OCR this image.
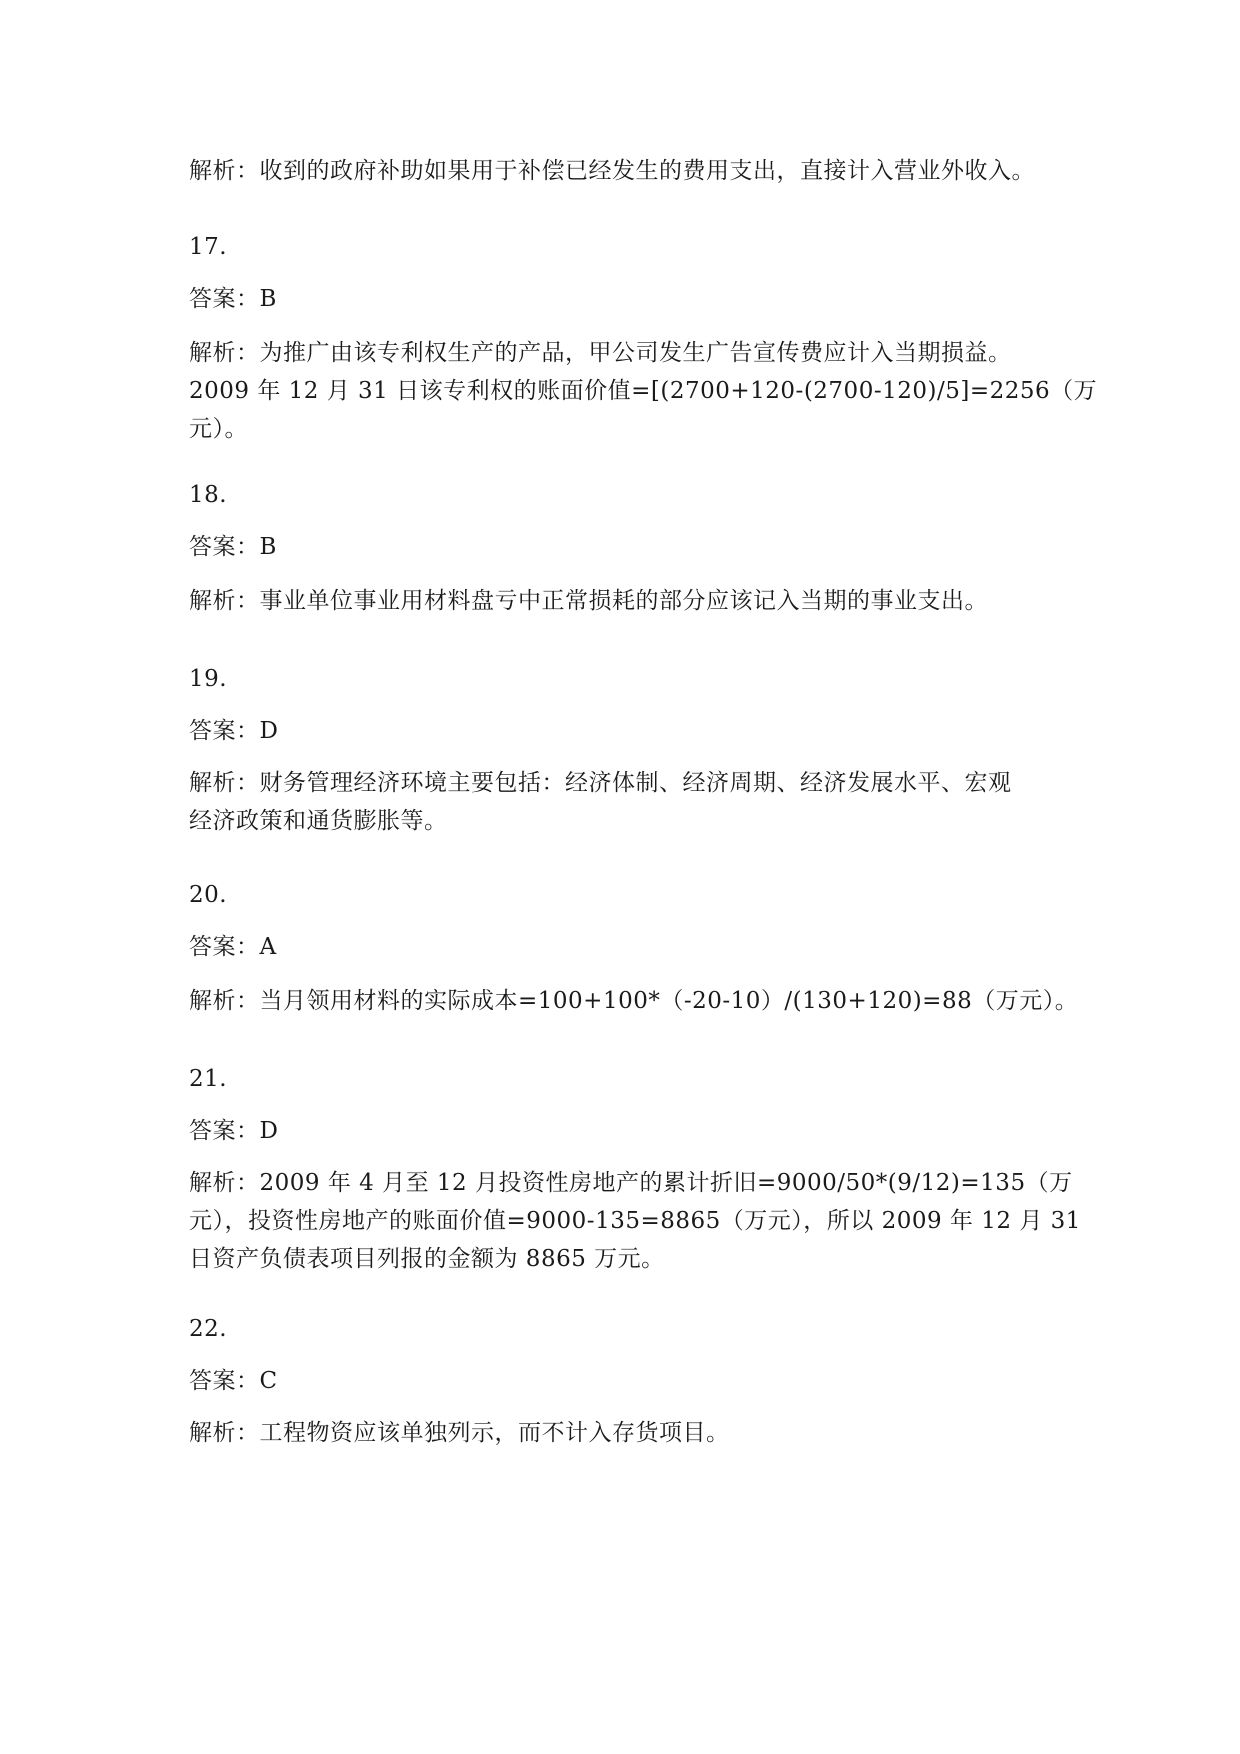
解析：收到的政府补助如果用于补偿已经发生的费用支出，直接计入营业外收入。
17.
答案：B
解析：为推广由该专利权生产的产品，甲公司发生广告宣传费应计入当期损益。
2009 年 12 月 31 日该专利权的账面价值=[(2700+120-(2700-120)/5]=2256（万
元）。
18.
答案：B
解析：事业单位事业用材料盘亏中正常损耗的部分应该记入当期的事业支出。
19.
答案：D
解析：财务管理经济环境主要包括：经济体制、经济周期、经济发展水平、宏观
经济政策和通货膨胀等。
20.
答案：A
解析：当月领用材料的实际成本=100+100*（-20-10）/(130+120)=88（万元）。
21.
答案：D
解析：2009 年 4 月至 12 月投资性房地产的累计折旧=9000/50*(9/12)=135（万
元），投资性房地产的账面价值=9000-135=8865（万元），所以 2009 年 12 月 31
日资产负债表项目列报的金额为 8865 万元。
22.
答案：C
解析：工程物资应该单独列示，而不计入存货项目。
